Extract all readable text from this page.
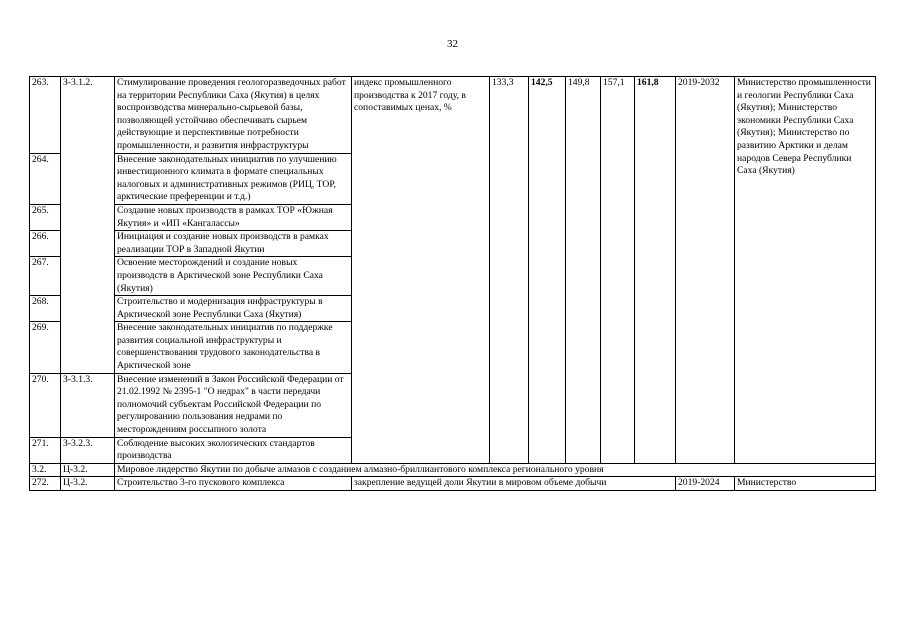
32
263.	З-3.1.2.	Стимулирование проведения геологоразведочных работ на территории Республики Саха (Якутия) в целях воспроизводства минерально-сырьевой базы, позволяющей устойчиво обеспечивать сырьем действующие и перспективные потребности промышленности, и развития инфраструктуры	индекс промышленного производства к 2017 году, в сопоставимых ценах, %	133,3	142,5	149,8	157,1	161,8	2019-2032	Министерство промышленности и геологии Республики Саха (Якутия); Министерство экономики Республики Саха (Якутия); Министерство по развитию Арктики и делам народов Севера Республики Саха (Якутия)
264.		Внесение законодательных инициатив по улучшению инвестиционного климата в формате специальных налоговых и административных режимов (РИЦ, ТОР, арктические преференции и т.д.)								
265.		Создание новых производств в рамках ТОР «Южная Якутия» и «ИП «Кангалассы»								
266.		Инициация и создание новых производств в рамках реализации ТОР в Западной Якутии								
267.		Освоение месторождений и создание новых производств в Арктической зоне Республики Саха (Якутия)								
268.		Строительство и модернизация инфраструктуры в Арктической зоне Республики Саха (Якутия)								
269.		Внесение законодательных инициатив по поддержке развития социальной инфраструктуры и совершенствования трудового законодательства в Арктической зоне								
270.	З-3.1.3.	Внесение изменений в Закон Российской Федерации от 21.02.1992 № 2395-1 "О недрах" в части передачи полномочий субъектам Российской Федерации по регулированию пользования недрами по месторождениям россыпного золота								
271.	З-3.2.3.	Соблюдение высоких экологических стандартов производства								
3.2.	Ц-3.2.	Мировое лидерство Якутии по добыче алмазов с созданием алмазно-бриллиантового комплекса регионального уровня								
272.	Ц-3.2.	Строительство 3-го пускового комплекса	закрепление ведущей доли Якутии в мировом объеме добычи						2019-2024	Министерство
